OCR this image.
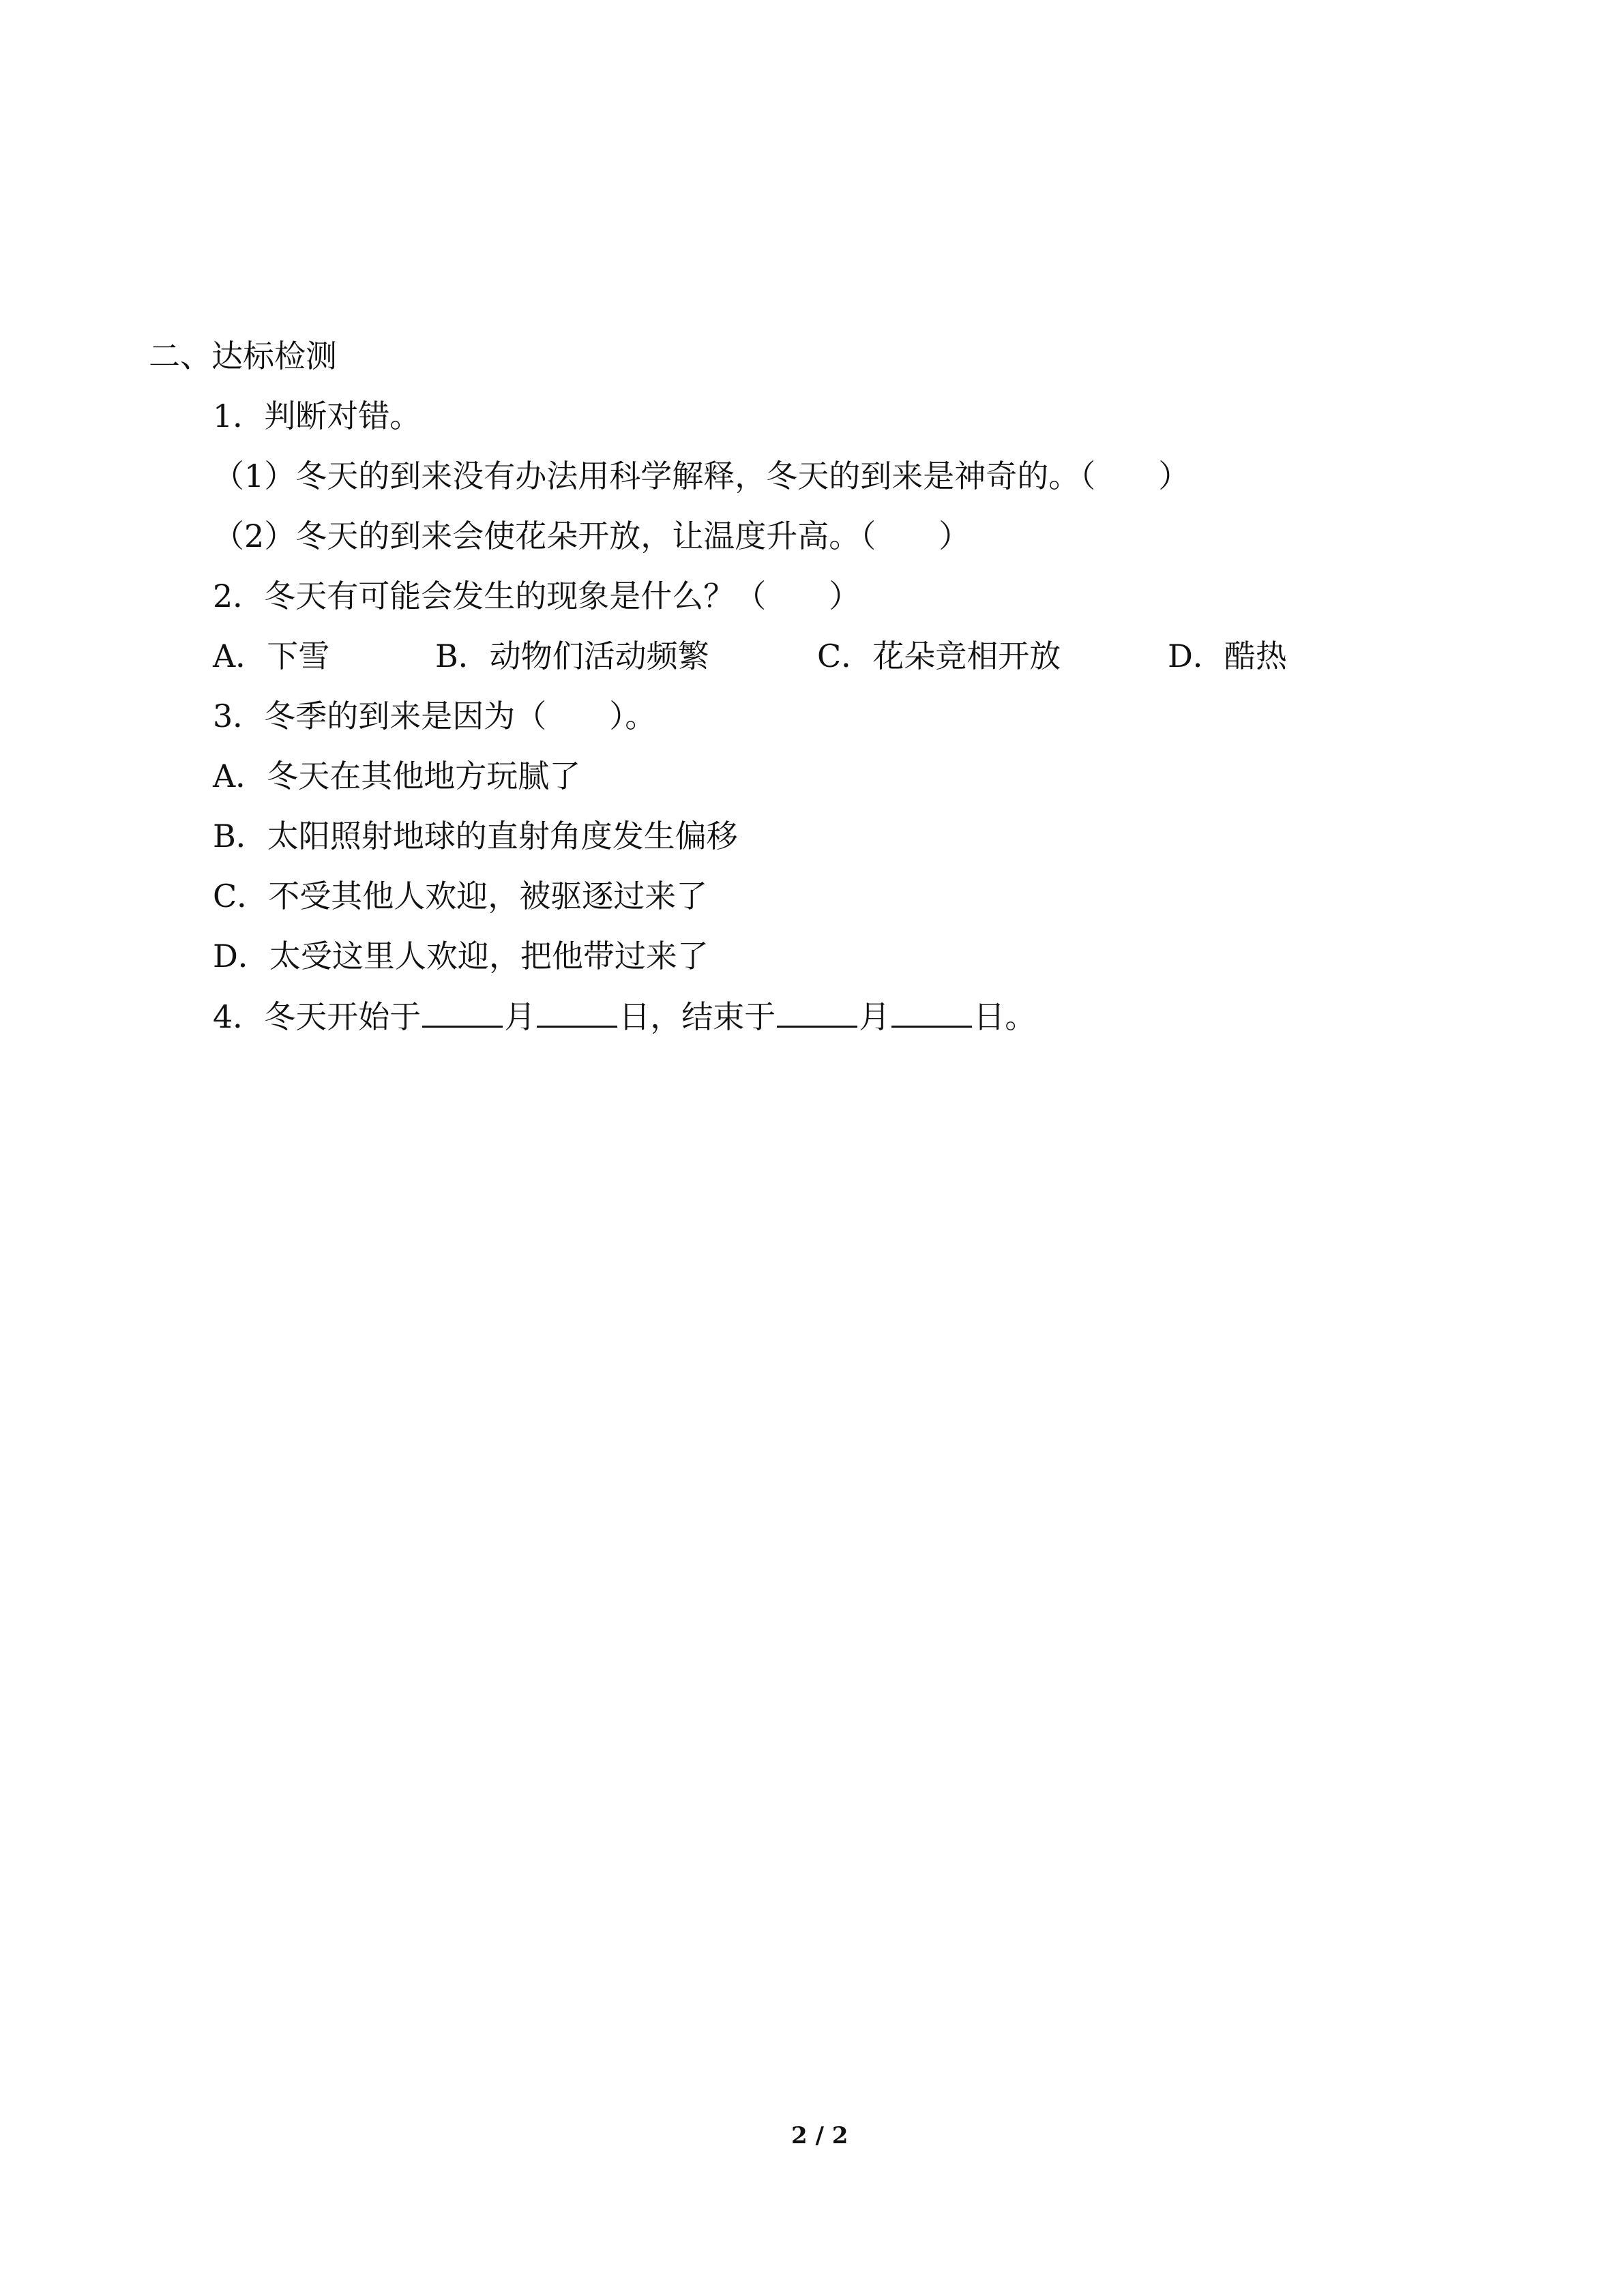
二、达标检测
1．判断对错。
（1）冬天的到来没有办法用科学解释，冬天的到来是神奇的。（　　）
（2）冬天的到来会使花朵开放，让温度升高。（　　）
2．冬天有可能会发生的现象是什么？（　　）
A．下雪	B．动物们活动频繁	C．花朵竞相开放	D．酷热
3．冬季的到来是因为（　　）。
A．冬天在其他地方玩腻了
B．太阳照射地球的直射角度发生偏移
C．不受其他人欢迎，被驱逐过来了
D．太受这里人欢迎，把他带过来了
4．冬天开始于	月	日，结束于	月	日。
2 / 2
